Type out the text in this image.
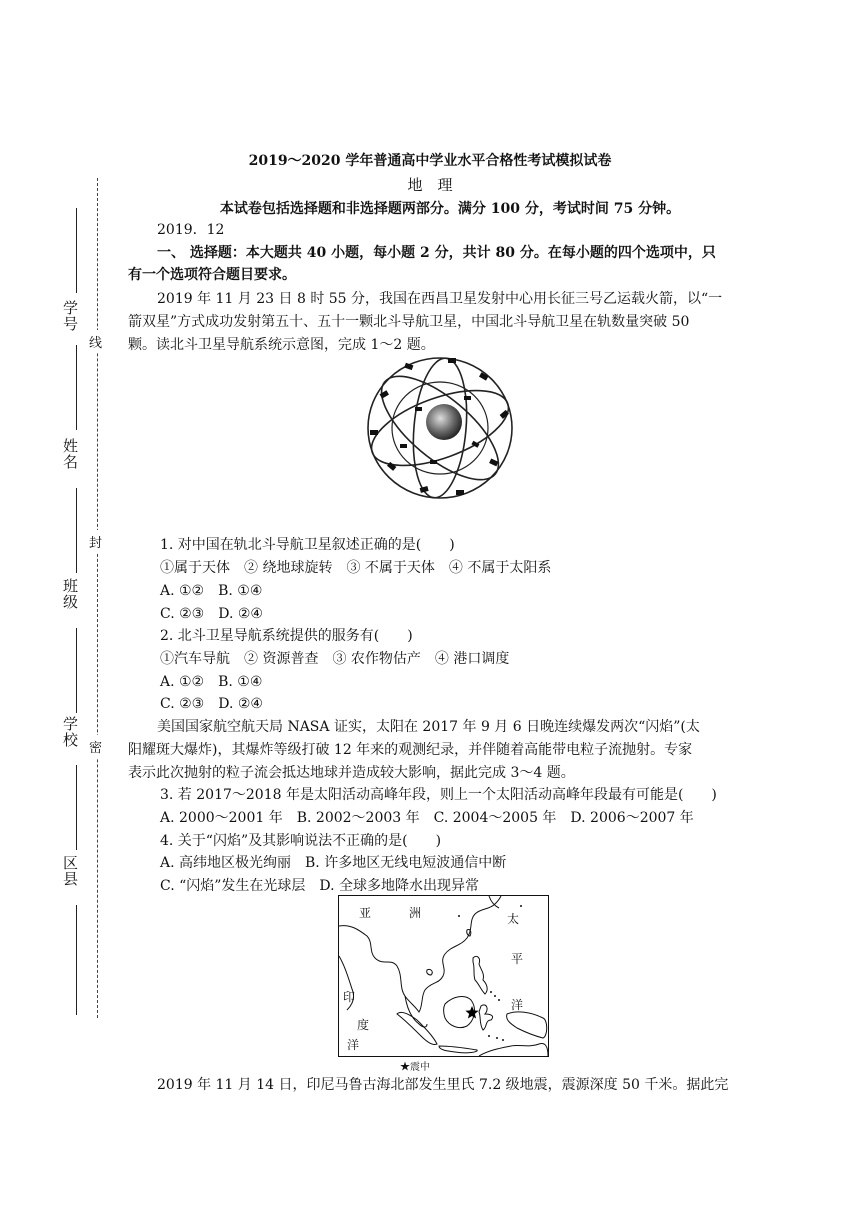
学号
姓名
班级
学校
区县
线
封
密
2019～2020 学年普通高中学业水平合格性考试模拟试卷
地　理
本试卷包括选择题和非选择题两部分。满分 100 分，考试时间 75 分钟。
2019．12
一、 选择题：本大题共 40 小题，每小题 2 分，共计 80 分。在每小题的四个选项中，只
有一个选项符合题目要求。
2019 年 11 月 23 日 8 时 55 分，我国在西昌卫星发射中心用长征三号乙运载火箭，以“一
箭双星”方式成功发射第五十、五十一颗北斗导航卫星，中国北斗导航卫星在轨数量突破 50
颗。读北斗卫星导航系统示意图，完成 1～2 题。
1. 对中国在轨北斗导航卫星叙述正确的是(　　)
①属于天体　② 绕地球旋转　③ 不属于天体　④ 不属于太阳系
A. ①②　B. ①④
C. ②③　D. ②④
2. 北斗卫星导航系统提供的服务有(　　)
①汽车导航　② 资源普查　③ 农作物估产　④ 港口调度
A. ①②　B. ①④
C. ②③　D. ②④
美国国家航空航天局 NASA 证实，太阳在 2017 年 9 月 6 日晚连续爆发两次“闪焰”(太
阳耀斑大爆炸)，其爆炸等级打破 12 年来的观测纪录，并伴随着高能带电粒子流抛射。专家
表示此次抛射的粒子流会抵达地球并造成较大影响，据此完成 3～4 题。
3. 若 2017～2018 年是太阳活动高峰年段，则上一个太阳活动高峰年段最有可能是(　　)
A. 2000～2001 年　B. 2002～2003 年　C. 2004～2005 年　D. 2006～2007 年
4. 关于“闪焰”及其影响说法不正确的是(　　)
A. 高纬地区极光绚丽　B. 许多地区无线电短波通信中断
C. “闪焰”发生在光球层　D. 全球多地降水出现异常
亚	洲	太
平
洋
印
度
洋
★震中
2019 年 11 月 14 日，印尼马鲁古海北部发生里氏 7.2 级地震，震源深度 50 千米。据此完
